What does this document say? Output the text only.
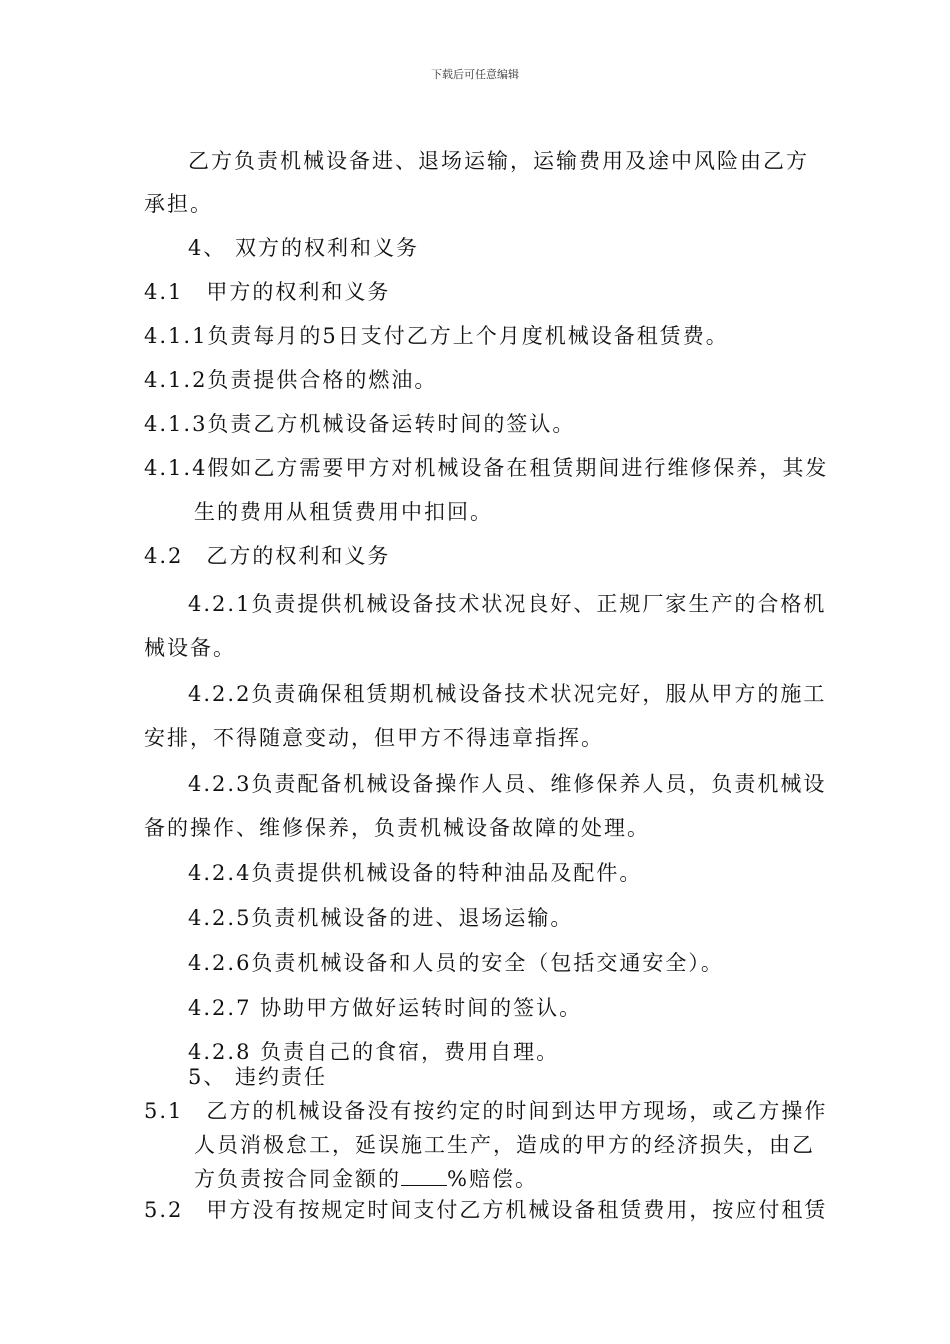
下载后可任意编辑
乙方负责机械设备进、退场运输，运输费用及途中风险由乙方
承担。
4、 双方的权利和义务
4.1　甲方的权利和义务
4.1.1负责每月的5日支付乙方上个月度机械设备租赁费。
4.1.2负责提供合格的燃油。
4.1.3负责乙方机械设备运转时间的签认。
4.1.4假如乙方需要甲方对机械设备在租赁期间进行维修保养，其发
生的费用从租赁费用中扣回。
4.2　乙方的权利和义务
4.2.1负责提供机械设备技术状况良好、正规厂家生产的合格机
械设备。
4.2.2负责确保租赁期机械设备技术状况完好，服从甲方的施工
安排，不得随意变动，但甲方不得违章指挥。
4.2.3负责配备机械设备操作人员、维修保养人员，负责机械设
备的操作、维修保养，负责机械设备故障的处理。
4.2.4负责提供机械设备的特种油品及配件。
4.2.5负责机械设备的进、退场运输。
4.2.6负责机械设备和人员的安全（包括交通安全）。
4.2.7 协助甲方做好运转时间的签认。
4.2.8 负责自己的食宿，费用自理。
5、 违约责任
5.1　乙方的机械设备没有按约定的时间到达甲方现场，或乙方操作
人员消极怠工，延误施工生产，造成的甲方的经济损失，由乙
方负责按合同金额的 %赔偿。
5.2　甲方没有按规定时间支付乙方机械设备租赁费用，按应付租赁
